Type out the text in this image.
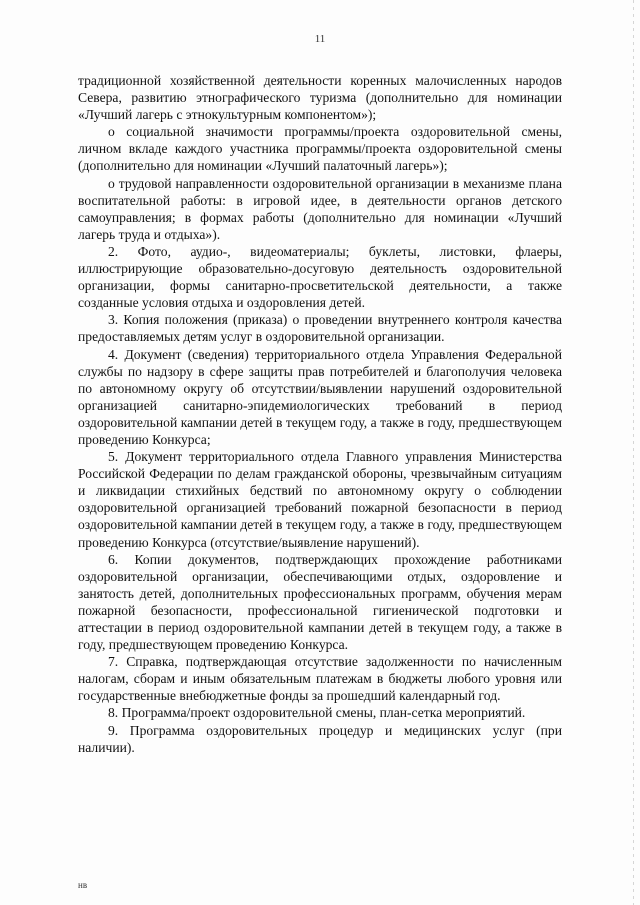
11

традиционной хозяйственной деятельности коренных малочисленных народов Севера, развитию этнографического туризма (дополнительно для номинации «Лучший лагерь с этнокультурным компонентом»);

о социальной значимости программы/проекта оздоровительной смены, личном вкладе каждого участника программы/проекта оздоровительной смены (дополнительно для номинации «Лучший палаточный лагерь»);

о трудовой направленности оздоровительной организации в механизме плана воспитательной работы: в игровой идее, в деятельности органов детского самоуправления; в формах работы (дополнительно для номинации «Лучший лагерь труда и отдыха»).

2. Фото, аудио-, видеоматериалы; буклеты, листовки, флаеры, иллюстрирующие образовательно-досуговую деятельность оздоровительной организации, формы санитарно-просветительской деятельности, а также созданные условия отдыха и оздоровления детей.

3. Копия положения (приказа) о проведении внутреннего контроля качества предоставляемых детям услуг в оздоровительной организации.

4. Документ (сведения) территориального отдела Управления Федеральной службы по надзору в сфере защиты прав потребителей и благополучия человека по автономному округу об отсутствии/выявлении нарушений оздоровительной организацией санитарно-эпидемиологических требований в период оздоровительной кампании детей в текущем году, а также в году, предшествующем проведению Конкурса;

5. Документ территориального отдела Главного управления Министерства Российской Федерации по делам гражданской обороны, чрезвычайным ситуациям и ликвидации стихийных бедствий по автономному округу о соблюдении оздоровительной организацией требований пожарной безопасности в период оздоровительной кампании детей в текущем году, а также в году, предшествующем проведению Конкурса (отсутствие/выявление нарушений).

6. Копии документов, подтверждающих прохождение работниками оздоровительной организации, обеспечивающими отдых, оздоровление и занятость детей, дополнительных профессиональных программ, обучения мерам пожарной безопасности, профессиональной гигиенической подготовки и аттестации в период оздоровительной кампании детей в текущем году, а также в году, предшествующем проведению Конкурса.

7. Справка, подтверждающая отсутствие задолженности по начисленным налогам, сборам и иным обязательным платежам в бюджеты любого уровня или государственные внебюджетные фонды за прошедший календарный год.

8. Программа/проект оздоровительной смены, план-сетка мероприятий.

9. Программа оздоровительных процедур и медицинских услуг (при наличии).

нв
